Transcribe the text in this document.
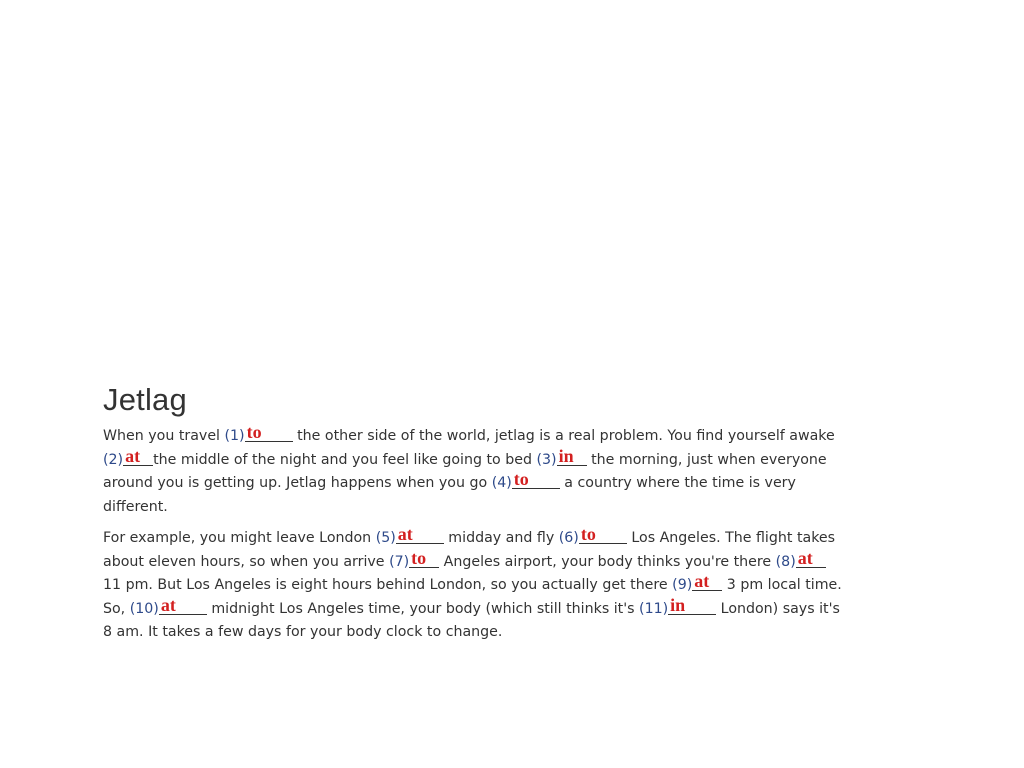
Jetlag

When you travel (1) to the other side of the world, jetlag is a real problem. You find yourself awake (2) at the middle of the night and you feel like going to bed (3) in the morning, just when everyone around you is getting up. Jetlag happens when you go (4) to a country where the time is very different.

For example, you might leave London (5) at midday and fly (6) to Los Angeles. The flight takes about eleven hours, so when you arrive (7) to Angeles airport, your body thinks you're there (8) at
11 pm. But Los Angeles is eight hours behind London, so you actually get there (9) at 3 pm local time. So, (10) at midnight Los Angeles time, your body (which still thinks it's (11) in London) says it's 8 am. It takes a few days for your body clock to change.
